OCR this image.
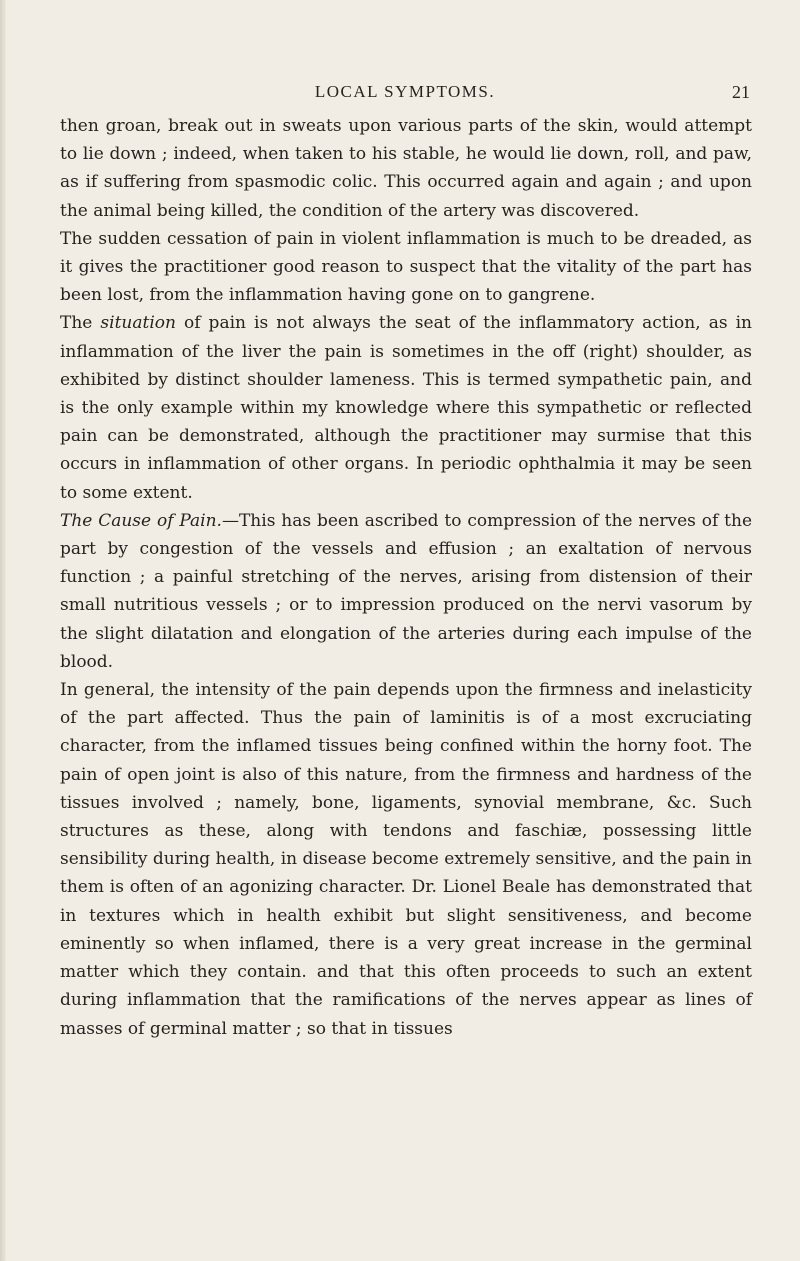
LOCAL SYMPTOMS.	21

then groan, break out in sweats upon various parts of the skin, would attempt to lie down ; indeed, when taken to his stable, he would lie down, roll, and paw, as if suffering from spasmodic colic. This occurred again and again ; and upon the animal being killed, the condition of the artery was discovered.

The sudden cessation of pain in violent inflammation is much to be dreaded, as it gives the practitioner good reason to suspect that the vitality of the part has been lost, from the inflammation having gone on to gangrene.

The situation of pain is not always the seat of the inflammatory action, as in inflammation of the liver the pain is sometimes in the off (right) shoulder, as exhibited by distinct shoulder lameness. This is termed sympathetic pain, and is the only example within my knowledge where this sympathetic or reflected pain can be demonstrated, although the practitioner may surmise that this occurs in inflammation of other organs. In periodic ophthalmia it may be seen to some extent.

The Cause of Pain.—This has been ascribed to compression of the nerves of the part by congestion of the vessels and effusion ; an exaltation of nervous function ; a painful stretching of the nerves, arising from distension of their small nutritious vessels ; or to impression produced on the nervi vasorum by the slight dilatation and elongation of the arteries during each impulse of the blood.

In general, the intensity of the pain depends upon the firmness and inelasticity of the part affected. Thus the pain of laminitis is of a most excruciating character, from the inflamed tissues being confined within the horny foot. The pain of open joint is also of this nature, from the firmness and hardness of the tissues involved ; namely, bone, ligaments, synovial membrane, &c. Such structures as these, along with tendons and faschiæ, possessing little sensibility during health, in disease become extremely sensitive, and the pain in them is often of an agonizing character. Dr. Lionel Beale has demonstrated that in textures which in health exhibit but slight sensitiveness, and become eminently so when inflamed, there is a very great increase in the germinal matter which they contain. and that this often proceeds to such an extent during inflammation that the ramifications of the nerves appear as lines of masses of germinal matter ; so that in tissues
